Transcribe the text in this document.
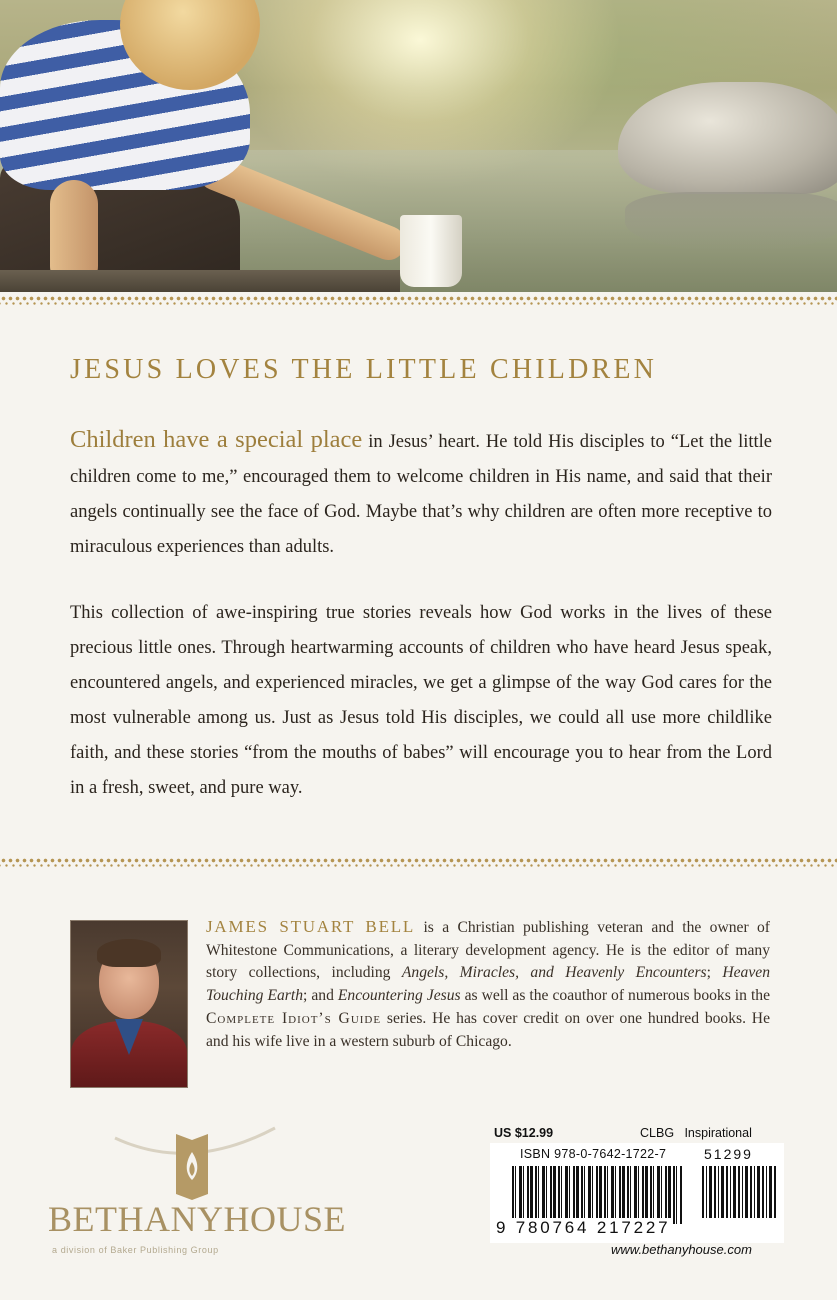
JESUS LOVES THE LITTLE CHILDREN

Children have a special place in Jesus’ heart. He told His disciples to “Let the little children come to me,” encouraged them to welcome children in His name, and said that their angels continually see the face of God. Maybe that’s why children are often more receptive to miraculous experiences than adults.

This collection of awe-inspiring true stories reveals how God works in the lives of these precious little ones. Through heartwarming accounts of children who have heard Jesus speak, encountered angels, and experienced miracles, we get a glimpse of the way God cares for the most vulnerable among us. Just as Jesus told His disciples, we could all use more childlike faith, and these stories “from the mouths of babes” will encourage you to hear from the Lord in a fresh, sweet, and pure way.

JAMES STUART BELL is a Christian publishing veteran and the owner of Whitestone Communications, a literary development agency. He is the editor of many story collections, including Angels, Miracles, and Heavenly Encounters; Heaven Touching Earth; and Encountering Jesus as well as the coauthor of numerous books in the Complete Idiot’s Guide series. He has cover credit on over one hundred books. He and his wife live in a western suburb of Chicago.

BETHANYHOUSE

a division of Baker Publishing Group

US $12.99	CLBG   Inspirational

ISBN 978-0-7642-1722-7	51299

9 780764 217227

www.bethanyhouse.com
